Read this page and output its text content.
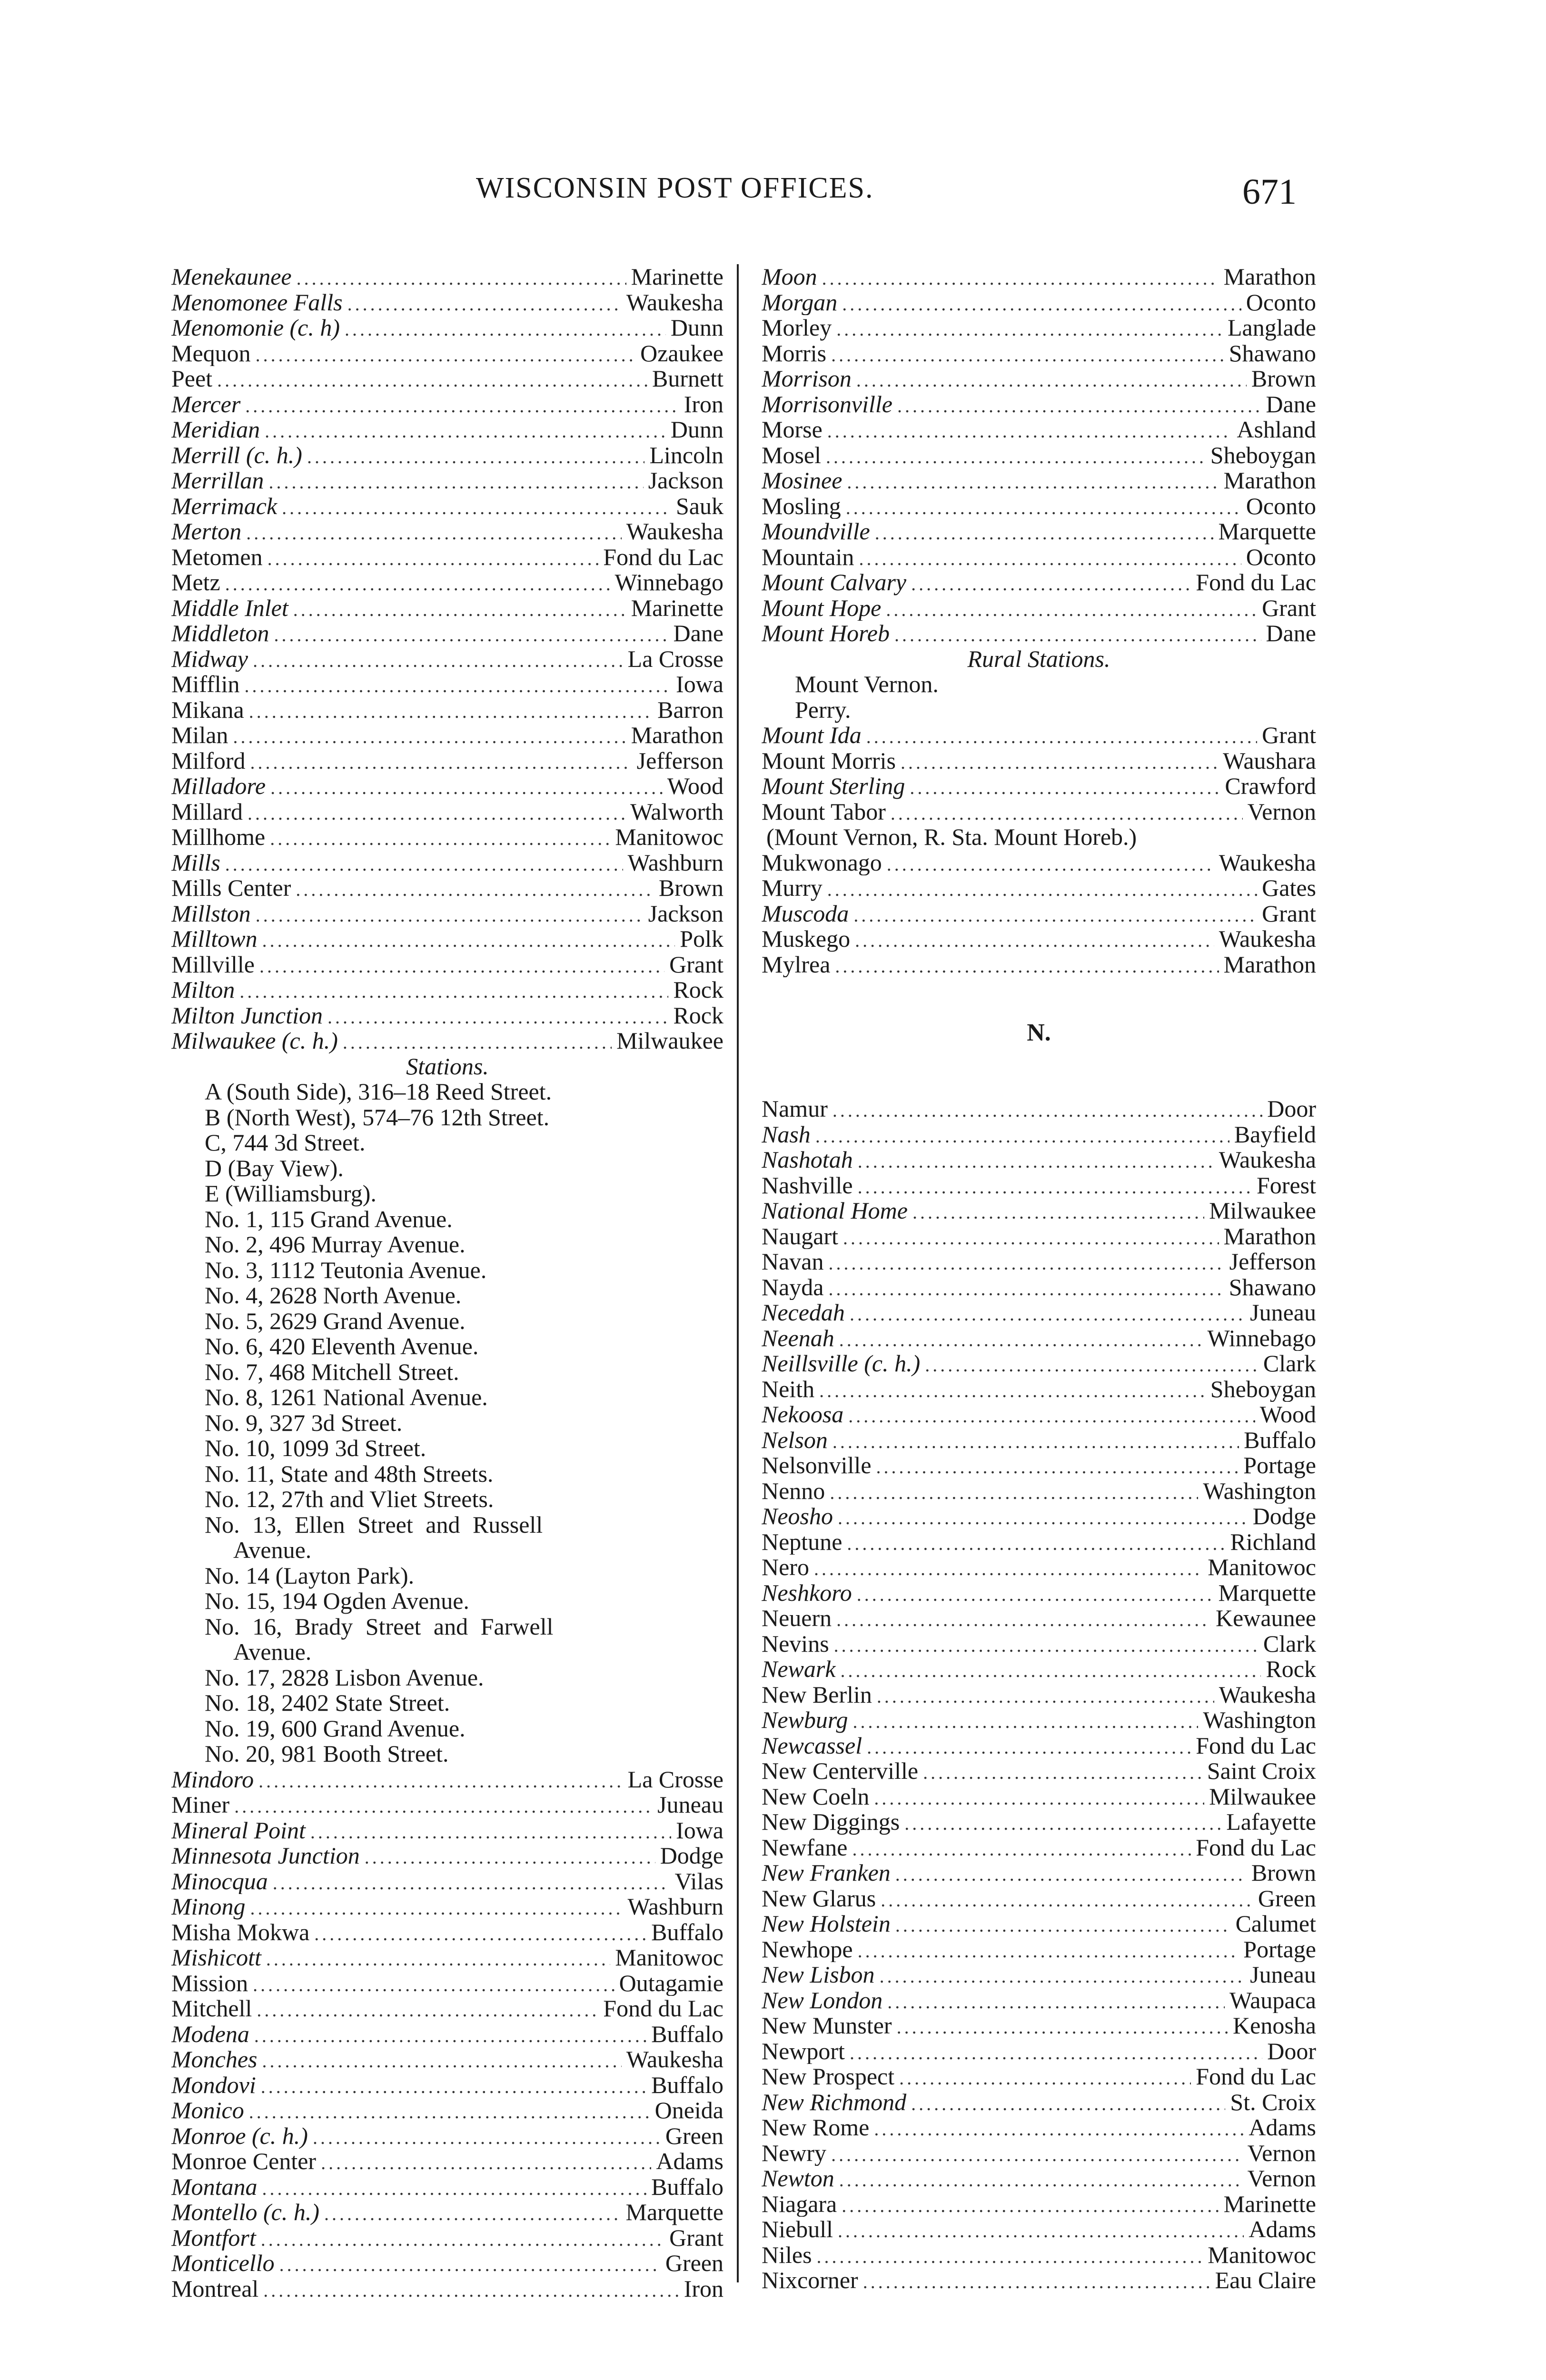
WISCONSIN POST OFFICES.	671
Menekaunee .....	Marinette
Menomonee Falls .....	Waukesha
Menomonie (c. h) .....	Dunn
Mequon .....	Ozaukee
Peet .....	Burnett
Mercer .....	Iron
Meridian .....	Dunn
Merrill (c. h.) .....	Lincoln
Merrillan .....	Jackson
Merrimack .....	Sauk
Merton .....	Waukesha
Metomen .....	Fond du Lac
Metz .....	Winnebago
Middle Inlet .....	Marinette
Middleton .....	Dane
Midway .....	La Crosse
Mifflin .....	Iowa
Mikana .....	Barron
Milan .....	Marathon
Milford .....	Jefferson
Milladore .....	Wood
Millard .....	Walworth
Millhome .....	Manitowoc
Mills .....	Washburn
Mills Center .....	Brown
Millston .....	Jackson
Milltown .....	Polk
Millville .....	Grant
Milton .....	Rock
Milton Junction .....	Rock
Milwaukee (c. h.) .....	Milwaukee
Stations.
A (South Side), 316–18 Reed Street.
B (North West), 574–76 12th Street.
C, 744 3d Street.
D (Bay View).
E (Williamsburg).
No. 1, 115 Grand Avenue.
No. 2, 496 Murray Avenue.
No. 3, 1112 Teutonia Avenue.
No. 4, 2628 North Avenue.
No. 5, 2629 Grand Avenue.
No. 6, 420 Eleventh Avenue.
No. 7, 468 Mitchell Street.
No. 8, 1261 National Avenue.
No. 9, 327 3d Street.
No. 10, 1099 3d Street.
No. 11, State and 48th Streets.
No. 12, 27th and Vliet Streets.
No. 13, Ellen Street and Russell
Avenue.
No. 14 (Layton Park).
No. 15, 194 Ogden Avenue.
No. 16, Brady Street and Farwell
Avenue.
No. 17, 2828 Lisbon Avenue.
No. 18, 2402 State Street.
No. 19, 600 Grand Avenue.
No. 20, 981 Booth Street.
Mindoro .....	La Crosse
Miner .....	Juneau
Mineral Point .....	Iowa
Minnesota Junction .....	Dodge
Minocqua .....	Vilas
Minong .....	Washburn
Misha Mokwa .....	Buffalo
Mishicott .....	Manitowoc
Mission .....	Outagamie
Mitchell .....	Fond du Lac
Modena .....	Buffalo
Monches .....	Waukesha
Mondovi .....	Buffalo
Monico .....	Oneida
Monroe (c. h.) .....	Green
Monroe Center .....	Adams
Montana .....	Buffalo
Montello (c. h.) .....	Marquette
Montfort .....	Grant
Monticello .....	Green
Montreal .....	Iron
Moon .....	Marathon
Morgan .....	Oconto
Morley .....	Langlade
Morris .....	Shawano
Morrison .....	Brown
Morrisonville .....	Dane
Morse .....	Ashland
Mosel .....	Sheboygan
Mosinee .....	Marathon
Mosling .....	Oconto
Moundville .....	Marquette
Mountain .....	Oconto
Mount Calvary .....	Fond du Lac
Mount Hope .....	Grant
Mount Horeb .....	Dane
Rural Stations.
Mount Vernon.
Perry.
Mount Ida .....	Grant
Mount Morris .....	Waushara
Mount Sterling .....	Crawford
Mount Tabor .....	Vernon
(Mount Vernon, R. Sta. Mount Horeb.)
Mukwonago .....	Waukesha
Murry .....	Gates
Muscoda .....	Grant
Muskego .....	Waukesha
Mylrea .....	Marathon
N.
Namur .....	Door
Nash .....	Bayfield
Nashotah .....	Waukesha
Nashville .....	Forest
National Home .....	Milwaukee
Naugart .....	Marathon
Navan .....	Jefferson
Nayda .....	Shawano
Necedah .....	Juneau
Neenah .....	Winnebago
Neillsville (c. h.) .....	Clark
Neith .....	Sheboygan
Nekoosa .....	Wood
Nelson .....	Buffalo
Nelsonville .....	Portage
Nenno .....	Washington
Neosho .....	Dodge
Neptune .....	Richland
Nero .....	Manitowoc
Neshkoro .....	Marquette
Neuern .....	Kewaunee
Nevins .....	Clark
Newark .....	Rock
New Berlin .....	Waukesha
Newburg .....	Washington
Newcassel .....	Fond du Lac
New Centerville .....	Saint Croix
New Coeln .....	Milwaukee
New Diggings .....	Lafayette
Newfane .....	Fond du Lac
New Franken .....	Brown
New Glarus .....	Green
New Holstein .....	Calumet
Newhope .....	Portage
New Lisbon .....	Juneau
New London .....	Waupaca
New Munster .....	Kenosha
Newport .....	Door
New Prospect .....	Fond du Lac
New Richmond .....	St. Croix
New Rome .....	Adams
Newry .....	Vernon
Newton .....	Vernon
Niagara .....	Marinette
Niebull .....	Adams
Niles .....	Manitowoc
Nixcorner .....	Eau Claire
